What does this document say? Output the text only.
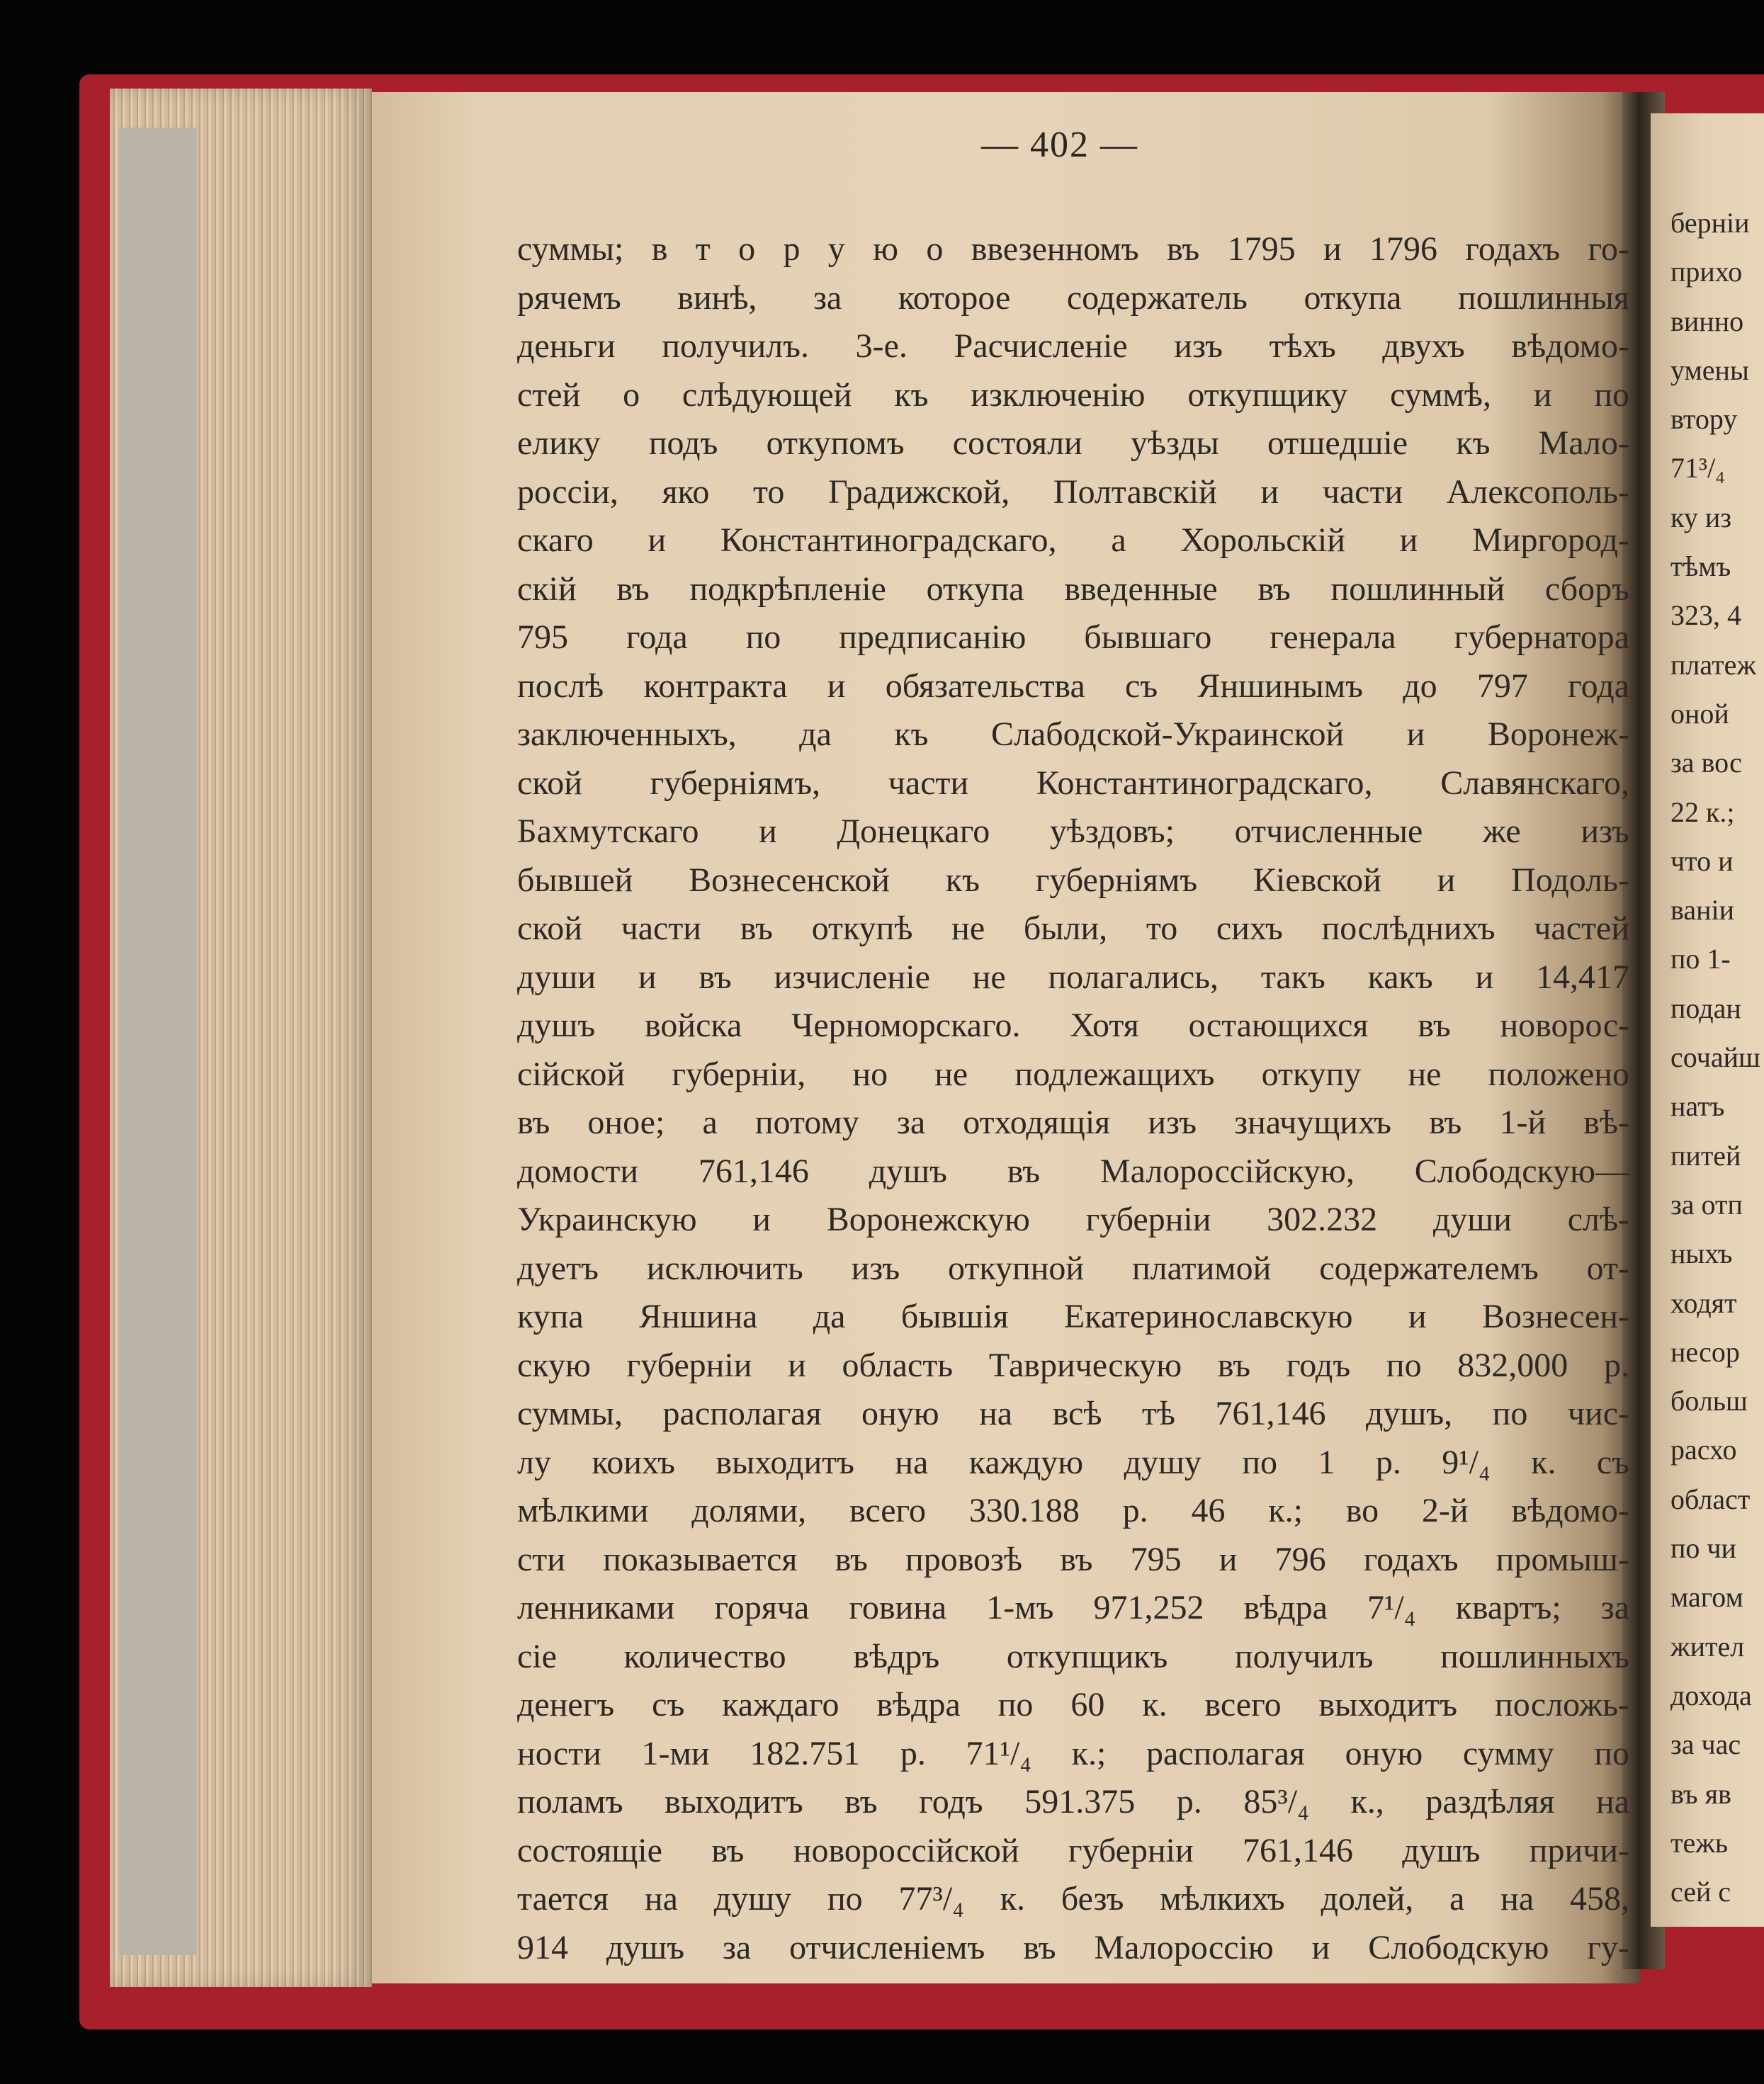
берніи
прихо
винно
умены
втору
71³/₄
ку из
тѣмъ
323, 4
платеж
оной
за вос
22 к.;
что и
ваніи
по 1-
подан
сочайш
натъ
питей
за отп
ныхъ
ходят
несор
больш
расхо
област
по чи
магом
жител
дохода
за час
въ яв
тежь
сей с
— 402 —
суммы; в т о р у ю о ввезенномъ въ 1795 и 1796 годахъ го-
рячемъ винѣ, за которое содержатель откупа пошлинныя
деньги получилъ. 3-е. Расчисленіе изъ тѣхъ двухъ вѣдомо-
стей о слѣдующей къ изключенію откупщику суммѣ, и по
елику подъ откупомъ состояли уѣзды отшедшіе къ Мало-
россіи, яко то Градижской, Полтавскій и части Алексополь-
скаго и Константиноградскаго, а Хорольскій и Миргород-
скій въ подкрѣпленіе откупа введенные въ пошлинный сборъ
795 года по предписанію бывшаго генерала губернатора
послѣ контракта и обязательства съ Яншинымъ до 797 года
заключенныхъ, да къ Слабодской-Украинской и Воронеж-
ской губерніямъ, части Константиноградскаго, Славянскаго,
Бахмутскаго и Донецкаго уѣздовъ; отчисленные же изъ
бывшей Вознесенской къ губерніямъ Кіевской и Подоль-
ской части въ откупѣ не были, то сихъ послѣднихъ частей
души и въ изчисленіе не полагались, такъ какъ и 14,417
душъ войска Черноморскаго. Хотя остающихся въ новорос-
сійской губерніи, но не подлежащихъ откупу не положено
въ оное; а потому за отходящія изъ значущихъ въ 1-й вѣ-
домости 761,146 душъ въ Малороссійскую, Слободскую—
Украинскую и Воронежскую губерніи 302.232 души слѣ-
дуетъ исключить изъ откупной платимой содержателемъ от-
купа Яншина да бывшія Екатеринославскую и Вознесен-
скую губерніи и область Таврическую въ годъ по 832,000 р.
суммы, располагая оную на всѣ тѣ 761,146 душъ, по чис-
лу коихъ выходитъ на каждую душу по 1 р. 9¹/₄ к. съ
мѣлкими долями, всего 330.188 р. 46 к.; во 2-й вѣдомо-
сти показывается въ провозѣ въ 795 и 796 годахъ промыш-
ленниками горяча говина 1-мъ 971,252 вѣдра 7¹/₄ квартъ; за
сіе количество вѣдръ откупщикъ получилъ пошлинныхъ
денегъ съ каждаго вѣдра по 60 к. всего выходитъ посложь-
ности 1-ми 182.751 р. 71¹/₄ к.; располагая оную сумму по
поламъ выходитъ въ годъ 591.375 р. 85³/₄ к., раздѣляя на
состоящіе въ новороссійской губерніи 761,146 душъ причи-
тается на душу по 77³/₄ к. безъ мѣлкихъ долей, а на 458,
914 душъ за отчисленіемъ въ Малороссію и Слободскую гу-
